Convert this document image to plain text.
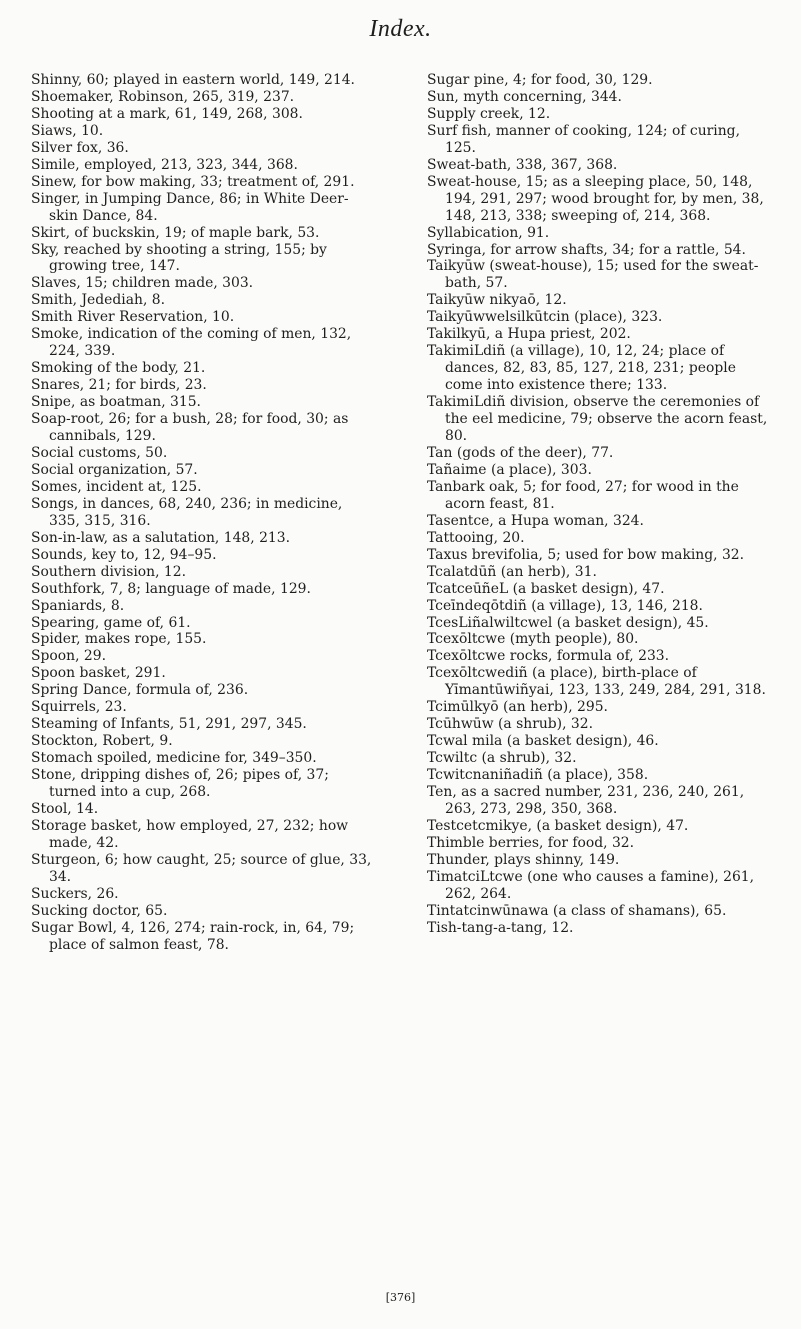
Index.
Shinny, 60; played in eastern world, 149, 214.
Shoemaker, Robinson, 265, 319, 237.
Shooting at a mark, 61, 149, 268, 308.
Siaws, 10.
Silver fox, 36.
Simile, employed, 213, 323, 344, 368.
Sinew, for bow making, 33; treatment of, 291.
Singer, in Jumping Dance, 86; in White Deer-skin Dance, 84.
Skirt, of buckskin, 19; of maple bark, 53.
Sky, reached by shooting a string, 155; by growing tree, 147.
Slaves, 15; children made, 303.
Smith, Jedediah, 8.
Smith River Reservation, 10.
Smoke, indication of the coming of men, 132, 224, 339.
Smoking of the body, 21.
Snares, 21; for birds, 23.
Snipe, as boatman, 315.
Soap-root, 26; for a bush, 28; for food, 30; as cannibals, 129.
Social customs, 50.
Social organization, 57.
Somes, incident at, 125.
Songs, in dances, 68, 240, 236; in medicine, 335, 315, 316.
Son-in-law, as a salutation, 148, 213.
Sounds, key to, 12, 94–95.
Southern division, 12.
Southfork, 7, 8; language of made, 129.
Spaniards, 8.
Spearing, game of, 61.
Spider, makes rope, 155.
Spoon, 29.
Spoon basket, 291.
Spring Dance, formula of, 236.
Squirrels, 23.
Steaming of Infants, 51, 291, 297, 345.
Stockton, Robert, 9.
Stomach spoiled, medicine for, 349–350.
Stone, dripping dishes of, 26; pipes of, 37; turned into a cup, 268.
Stool, 14.
Storage basket, how employed, 27, 232; how made, 42.
Sturgeon, 6; how caught, 25; source of glue, 33, 34.
Suckers, 26.
Sucking doctor, 65.
Sugar Bowl, 4, 126, 274; rain-rock, in, 64, 79; place of salmon feast, 78.
Sugar pine, 4; for food, 30, 129.
Sun, myth concerning, 344.
Supply creek, 12.
Surf fish, manner of cooking, 124; of curing, 125.
Sweat-bath, 338, 367, 368.
Sweat-house, 15; as a sleeping place, 50, 148, 194, 291, 297; wood brought for, by men, 38, 148, 213, 338; sweeping of, 214, 368.
Syllabication, 91.
Syringa, for arrow shafts, 34; for a rattle, 54.
Taikyūw (sweat-house), 15; used for the sweat-bath, 57.
Taikyūw nikyaō, 12.
Taikyūwwelsilkūtcin (place), 323.
Takilkyū, a Hupa priest, 202.
TakimiLdiñ (a village), 10, 12, 24; place of dances, 82, 83, 85, 127, 218, 231; people come into existence there; 133.
TakimiLdiñ division, observe the ceremonies of the eel medicine, 79; observe the acorn feast, 80.
Tan (gods of the deer), 77.
Tañaime (a place), 303.
Tanbark oak, 5; for food, 27; for wood in the acorn feast, 81.
Tasentce, a Hupa woman, 324.
Tattooing, 20.
Taxus brevifolia, 5; used for bow making, 32.
Tcalatdūñ (an herb), 31.
TcatceūñeL (a basket design), 47.
Tceīndeqōtdiñ (a village), 13, 146, 218.
TcesLiñalwiltcwel (a basket design), 45.
Tcexōltcwe (myth people), 80.
Tcexōltcwe rocks, formula of, 233.
Tcexōltcwediñ (a place), birth-place of Yīmantūwiñyai, 123, 133, 249, 284, 291, 318.
Tcimūlkyō (an herb), 295.
Tcūhwūw (a shrub), 32.
Tcwal mila (a basket design), 46.
Tcwiltc (a shrub), 32.
Tcwitcnaniñadiñ (a place), 358.
Ten, as a sacred number, 231, 236, 240, 261, 263, 273, 298, 350, 368.
Testcetcmikye, (a basket design), 47.
Thimble berries, for food, 32.
Thunder, plays shinny, 149.
TimatciLtcwe (one who causes a famine), 261, 262, 264.
Tintatcinwūnawa (a class of shamans), 65.
Tish-tang-a-tang, 12.
[376]
